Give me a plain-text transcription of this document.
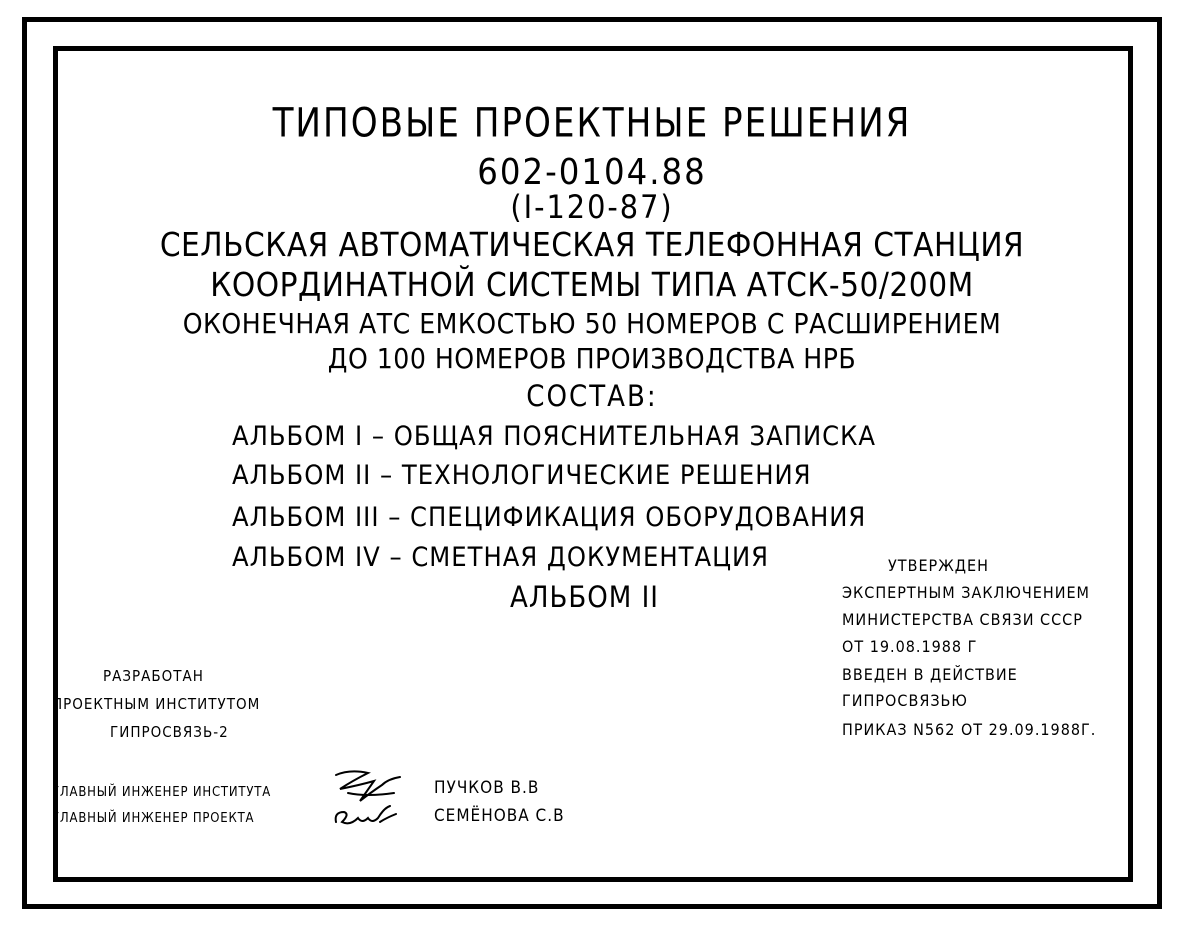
ТИПОВЫЕ ПРОЕКТНЫЕ РЕШЕНИЯ
602-0104.88
(I-120-87)
СЕЛЬСКАЯ АВТОМАТИЧЕСКАЯ ТЕЛЕФОННАЯ СТАНЦИЯ
КООРДИНАТНОЙ СИСТЕМЫ ТИПА АТСК-50/200М
ОКОНЕЧНАЯ АТС ЕМКОСТЬЮ 50 НОМЕРОВ С РАСШИРЕНИЕМ
ДО 100 НОМЕРОВ ПРОИЗВОДСТВА НРБ
СОСТАВ:
АЛЬБОМ I – ОБЩАЯ ПОЯСНИТЕЛЬНАЯ ЗАПИСКА
АЛЬБОМ II – ТЕХНОЛОГИЧЕСКИЕ РЕШЕНИЯ
АЛЬБОМ III – СПЕЦИФИКАЦИЯ ОБОРУДОВАНИЯ
АЛЬБОМ IV – СМЕТНАЯ ДОКУМЕНТАЦИЯ
АЛЬБОМ II
УТВЕРЖДЕН
ЭКСПЕРТНЫМ ЗАКЛЮЧЕНИЕМ
МИНИСТЕРСТВА СВЯЗИ СССР
ОТ 19.08.1988 Г
ВВЕДЕН В ДЕЙСТВИЕ
ГИПРОСВЯЗЬЮ
ПРИКАЗ N562 ОТ 29.09.1988Г.
РАЗРАБОТАН
ПРОЕКТНЫМ ИНСТИТУТОМ
ГИПРОСВЯЗЬ-2
ГЛАВНЫЙ ИНЖЕНЕР ИНСТИТУТА
ГЛАВНЫЙ ИНЖЕНЕР ПРОЕКТА
ПУЧКОВ В.В
СЕМЁНОВА С.В
